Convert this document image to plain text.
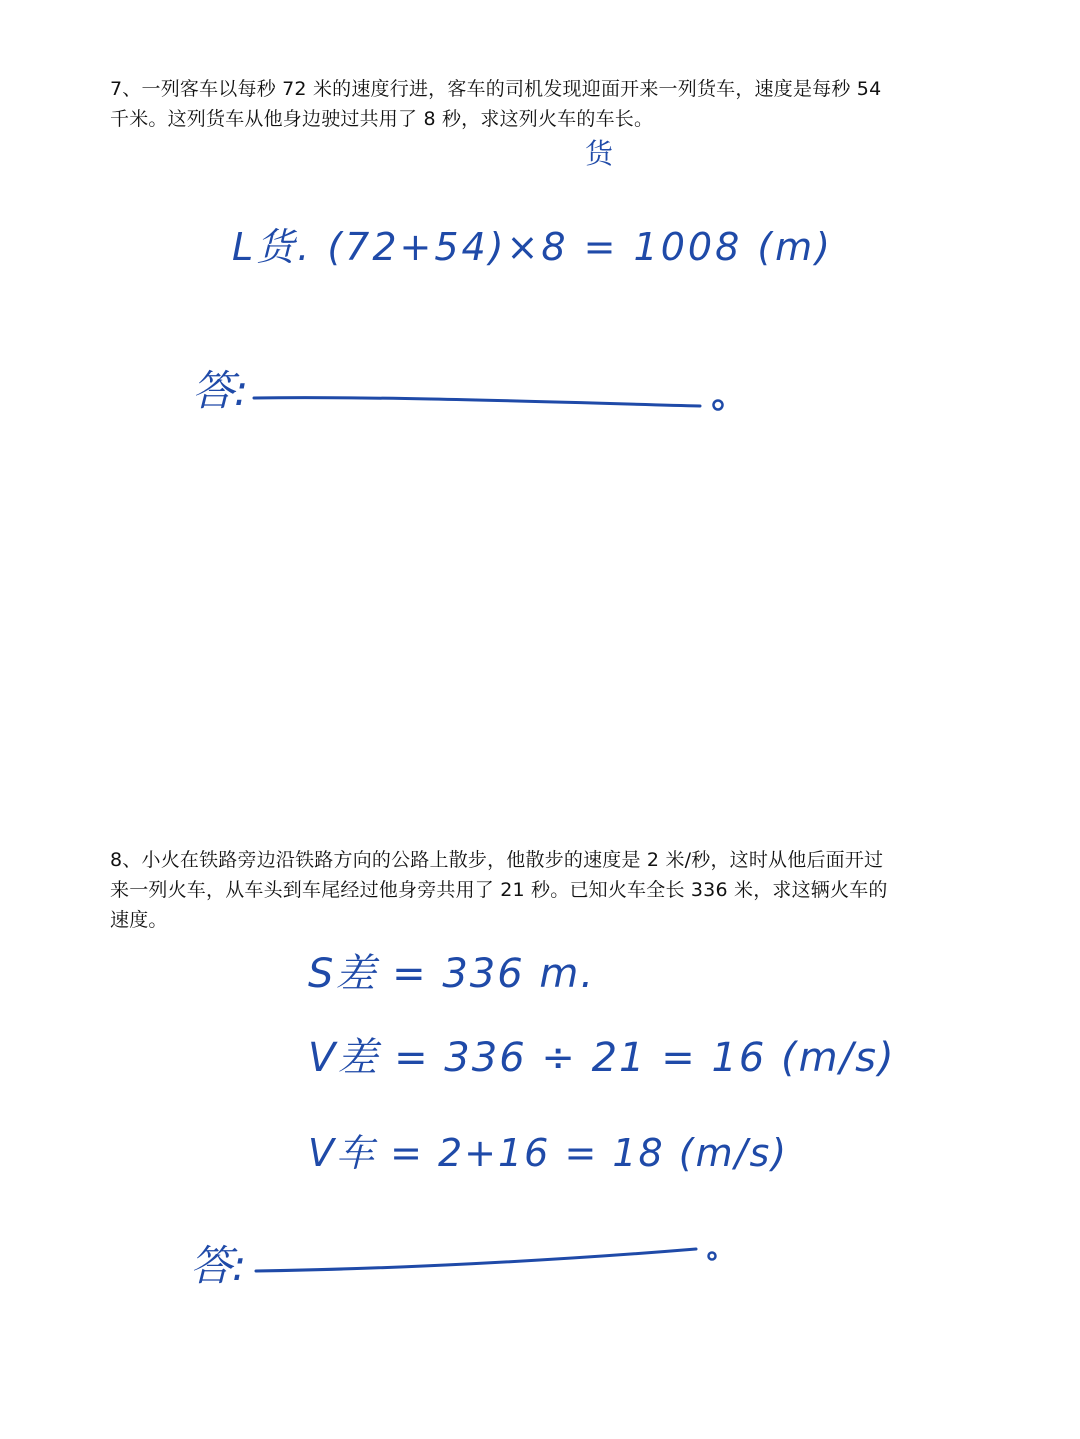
7、一列客车以每秒 72 米的速度行进，客车的司机发现迎面开来一列货车，速度是每秒 54

千米。这列货车从他身边驶过共用了 8 秒，求这列火车的车长。

货
L货. (72+54)×8 = 1008 (m)
答:

8、小火在铁路旁边沿铁路方向的公路上散步，他散步的速度是 2 米/秒，这时从他后面开过

来一列火车，从车头到车尾经过他身旁共用了 21 秒。已知火车全长 336 米，求这辆火车的

速度。

S差 = 336 m.
V差 = 336 ÷ 21 = 16 (m/s)
V车 = 2+16 = 18 (m/s)
答:
